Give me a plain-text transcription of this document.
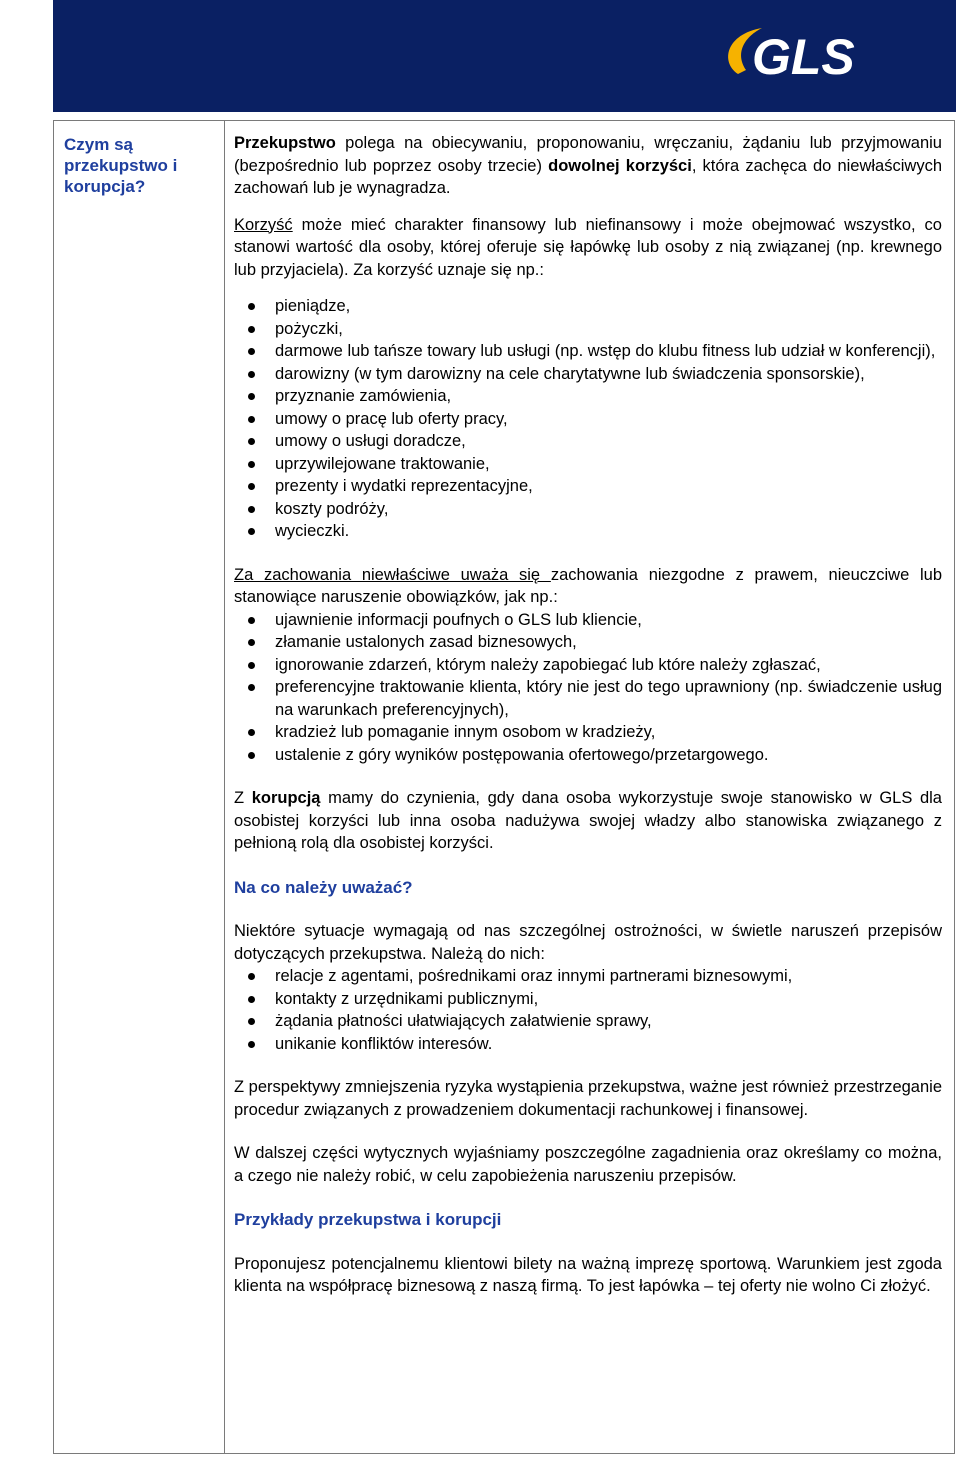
GLS
Czym są przekupstwo i korupcja?

Przekupstwo polega na obiecywaniu, proponowaniu, wręczaniu, żądaniu lub przyjmowaniu (bezpośrednio lub poprzez osoby trzecie) dowolnej korzyści, która zachęca do niewłaściwych zachowań lub je wynagradza.

Korzyść może mieć charakter finansowy lub niefinansowy i może obejmować wszystko, co stanowi wartość dla osoby, której oferuje się łapówkę lub osoby z nią związanej (np. krewnego lub przyjaciela). Za korzyść uznaje się np.:

pieniądze,
pożyczki,
darmowe lub tańsze towary lub usługi (np. wstęp do klubu fitness lub udział w konferencji),
darowizny (w tym darowizny na cele charytatywne lub świadczenia sponsorskie),
przyznanie zamówienia,
umowy o pracę lub oferty pracy,
umowy o usługi doradcze,
uprzywilejowane traktowanie,
prezenty i wydatki reprezentacyjne,
koszty podróży,
wycieczki.

Za zachowania niewłaściwe uważa się zachowania niezgodne z prawem, nieuczciwe lub stanowiące naruszenie obowiązków, jak np.:

ujawnienie informacji poufnych o GLS lub kliencie,
złamanie ustalonych zasad biznesowych,
ignorowanie zdarzeń, którym należy zapobiegać lub które należy zgłaszać,
preferencyjne traktowanie klienta, który nie jest do tego uprawniony (np. świadczenie usług na warunkach preferencyjnych),
kradzież lub pomaganie innym osobom w kradzieży,
ustalenie z góry wyników postępowania ofertowego/przetargowego.

Z korupcją mamy do czynienia, gdy dana osoba wykorzystuje swoje stanowisko w GLS dla osobistej korzyści lub inna osoba nadużywa swojej władzy albo stanowiska związanego z pełnioną rolą dla osobistej korzyści.

Na co należy uważać?

Niektóre sytuacje wymagają od nas szczególnej ostrożności, w świetle naruszeń przepisów dotyczących przekupstwa. Należą do nich:

relacje z agentami, pośrednikami oraz innymi partnerami biznesowymi,
kontakty z urzędnikami publicznymi,
żądania płatności ułatwiających załatwienie sprawy,
unikanie konfliktów interesów.

Z perspektywy zmniejszenia ryzyka wystąpienia przekupstwa, ważne jest również przestrzeganie procedur związanych z prowadzeniem dokumentacji rachunkowej i finansowej.

W dalszej części wytycznych wyjaśniamy poszczególne zagadnienia oraz określamy co można, a czego nie należy robić, w celu zapobieżenia naruszeniu przepisów.

Przykłady przekupstwa i korupcji

Proponujesz potencjalnemu klientowi bilety na ważną imprezę sportową. Warunkiem jest zgoda klienta na współpracę biznesową z naszą firmą. To jest łapówka – tej oferty nie wolno Ci złożyć.
